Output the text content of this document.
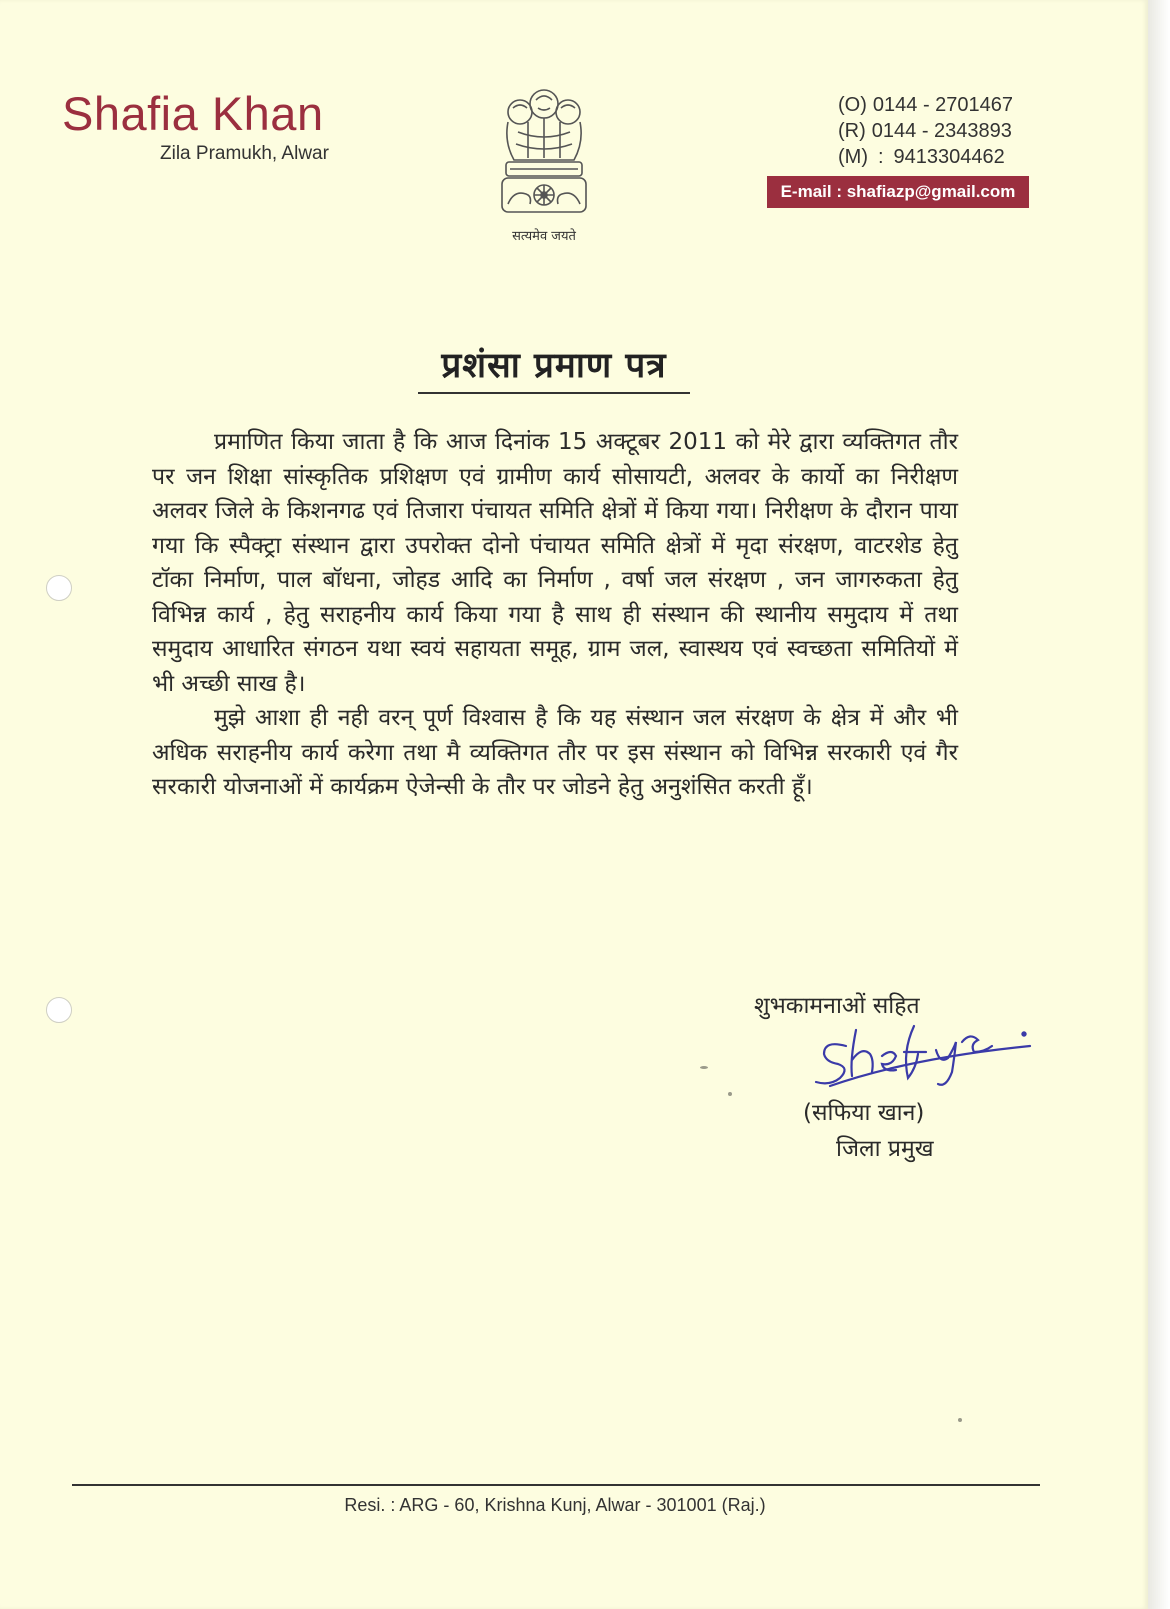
Shafia Khan
Zila Pramukh, Alwar
सत्यमेव जयते
(O) 0144 - 2701467
(R) 0144 - 2343893
(M) : 9413304462
E-mail : shafiazp@gmail.com
प्रशंसा प्रमाण पत्र

प्रमाणित किया जाता है कि आज दिनांक 15 अक्टूबर 2011 को मेरे द्वारा व्यक्तिगत तौर पर जन शिक्षा सांस्कृतिक प्रशिक्षण एवं ग्रामीण कार्य सोसायटी, अलवर के कार्यो का निरीक्षण अलवर जिले के किशनगढ एवं तिजारा पंचायत समिति क्षेत्रों में किया गया। निरीक्षण के दौरान पाया गया कि स्पैक्ट्रा संस्थान द्वारा उपरोक्त दोनो पंचायत समिति क्षेत्रों में मृदा संरक्षण, वाटरशेड हेतु टॉका निर्माण, पाल बॉधना, जोहड आदि का निर्माण , वर्षा जल संरक्षण , जन जागरुकता हेतु विभिन्न कार्य , हेतु सराहनीय कार्य किया गया है साथ ही संस्थान की स्थानीय समुदाय में तथा समुदाय आधारित संगठन यथा स्वयं सहायता समूह, ग्राम जल, स्वास्थय एवं स्वच्छता समितियों में भी अच्छी साख है।

मुझे आशा ही नही वरन् पूर्ण विश्वास है कि यह संस्थान जल संरक्षण के क्षेत्र में और भी अधिक सराहनीय कार्य करेगा तथा मै व्यक्तिगत तौर पर इस संस्थान को विभिन्न सरकारी एवं गैर सरकारी योजनाओं में कार्यक्रम ऐजेन्सी के तौर पर जोडने हेतु अनुशंसित करती हूँ।

शुभकामनाओं सहित
(सफिया खान)
जिला प्रमुख
Resi. : ARG - 60, Krishna Kunj, Alwar - 301001 (Raj.)
